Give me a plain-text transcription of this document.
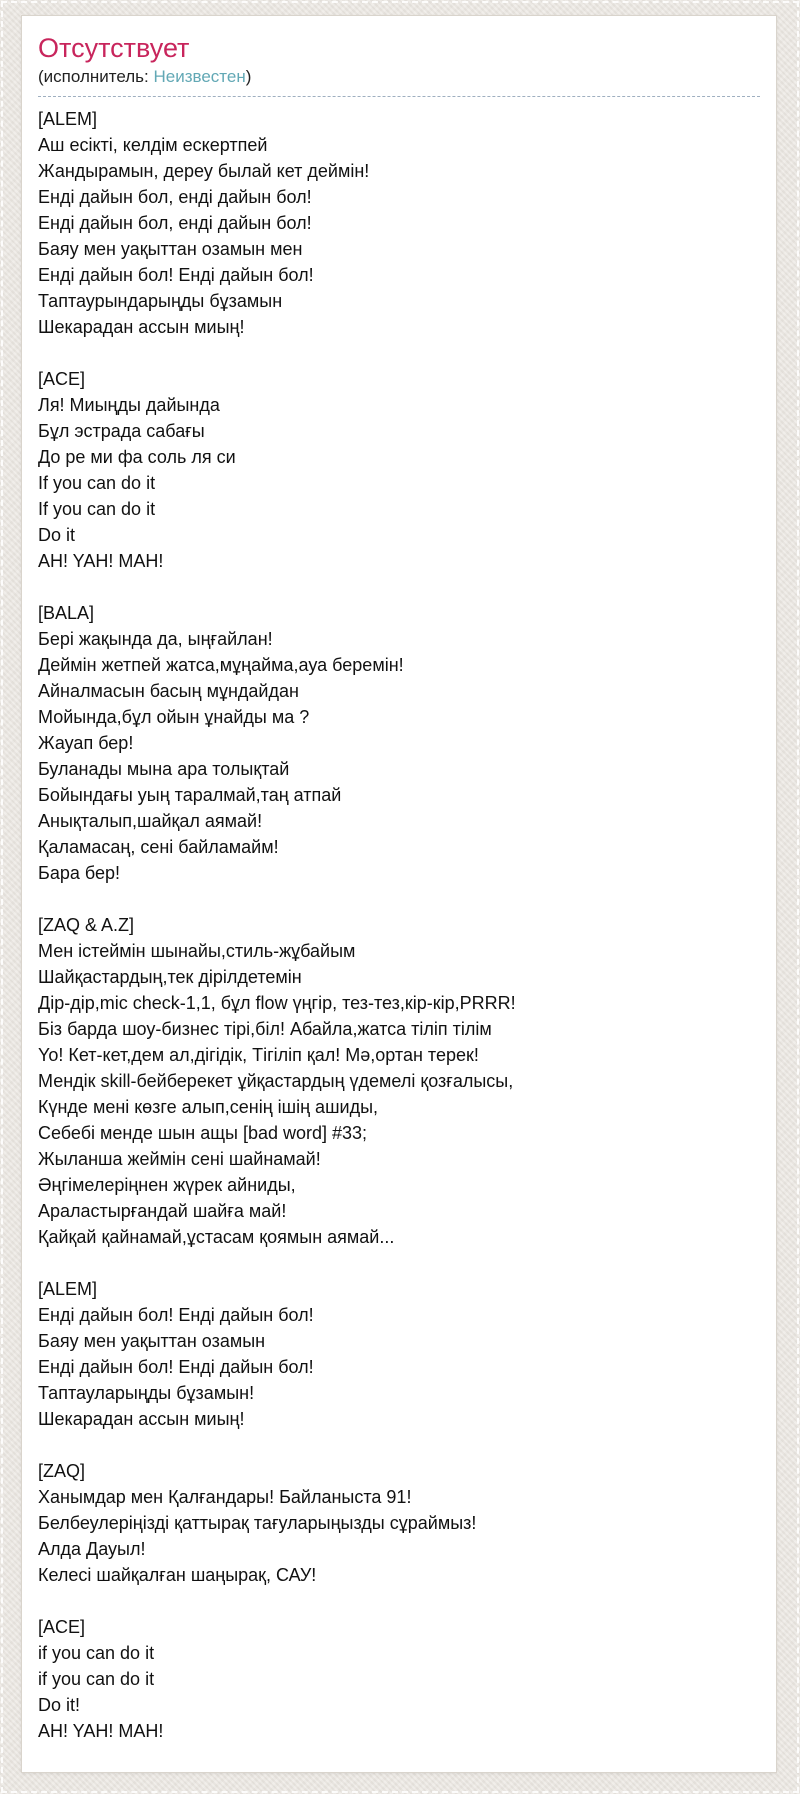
Отсутствует
(исполнитель: Неизвестен)
[ALEM]
Аш есікті, келдім ескертпей
Жандырамын, дереу былай кет деймін!
Енді дайын бол, енді дайын бол!
Енді дайын бол, енді дайын бол!
Баяу мен уақыттан озамын мен
Енді дайын бол! Енді дайын бол!
Таптаурындарыңды бұзамын
Шекарадан ассын миың!
[ACE]
Ля! Миыңды дайында
Бұл эстрада сабағы
До ре ми фа соль ля си
If you can do it
If you can do it
Do it
AH! YAH! MAH!
[BALA]
Бері жақында да, ыңғайлан!
Деймін жетпей жатса,мұңайма,ауа беремін!
Айналмасын басың мұндайдан
Мойында,бұл ойын ұнайды ма ?
Жауап бер!
Буланады мына ара толықтай
Бойындағы уың таралмай,таң атпай
Анықталып,шайқал аямай!
Қаламасаң, сені байламайм!
Бара бер!
[ZAQ & A.Z]
Мен істеймін шынайы,стиль-жұбайым
Шайқастардың,тек дірілдетемін
Дір-дір,mic check-1,1, бұл flow үңгір, тез-тез,кір-кір,PRRR!
Біз барда шоу-бизнес тірі,біл! Абайла,жатса тіліп тілім
Yo! Кет-кет,дем ал,дігідік, Тігіліп қал! Мә,ортан терек!
Мендік skill-бейберекет ұйқастардың үдемелі қозғалысы,
Күнде мені көзге алып,сенің ішің ашиды,
Себебі менде шын ащы [bad word] #33;
Жыланша жеймін сені шайнамай!
Әңгімелеріңнен жүрек айниды,
Араластырғандай шайға май!
Қайқай қайнамай,ұстасам қоямын аямай...
[ALEM]
Енді дайын бол! Енді дайын бол!
Баяу мен уақыттан озамын
Енді дайын бол! Енді дайын бол!
Таптауларыңды бұзамын!
Шекарадан ассын миың!
[ZAQ]
Ханымдар мен Қалғандары! Байланыста 91!
Белбеулеріңізді қаттырақ тағуларыңызды сұраймыз!
Алда Дауыл!
Келесі шайқалған шаңырақ, САУ!
[ACE]
if you can do it
if you can do it
Do it!
AH! YAH! MAH!
